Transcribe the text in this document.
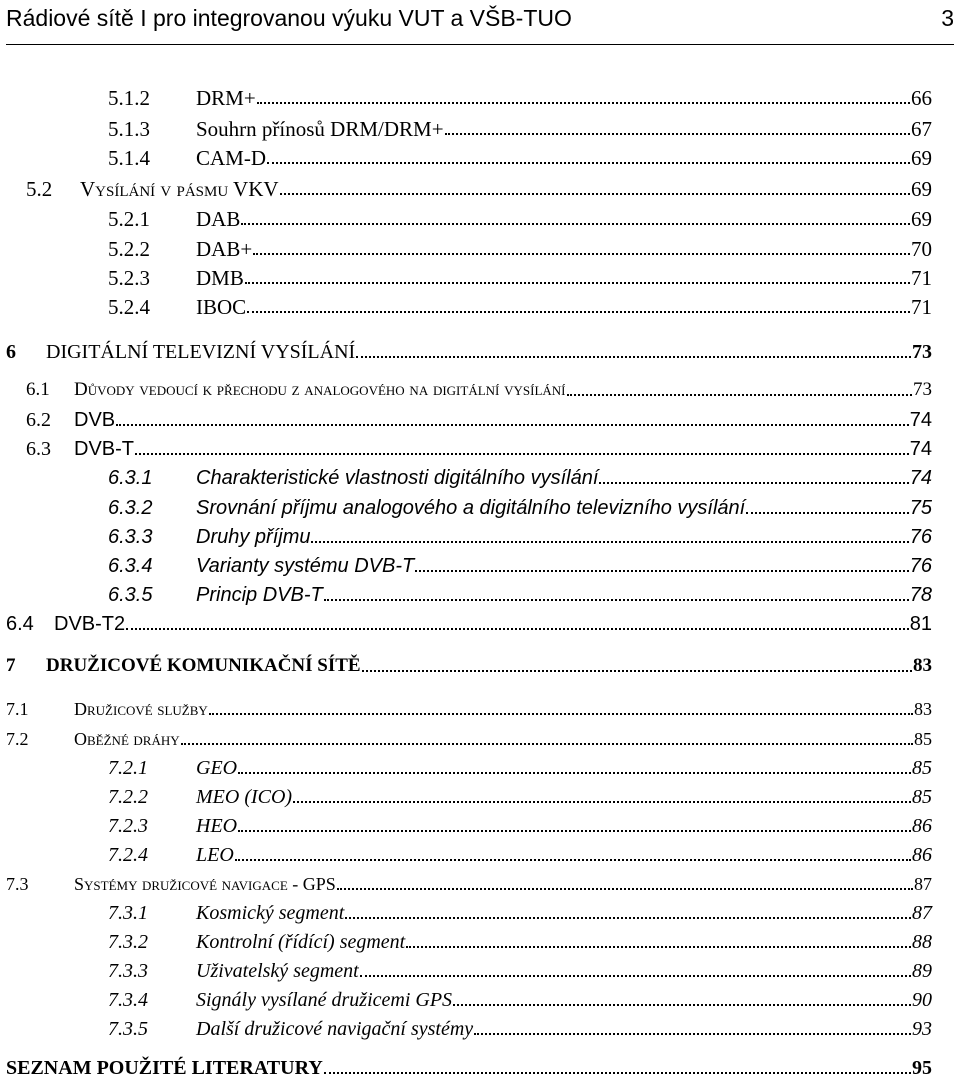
Rádiové sítě I pro integrovanou výuku VUT a VŠB-TUO	3
5.1.2	DRM+	66
5.1.3	Souhrn přínosů DRM/DRM+	67
5.1.4	CAM-D	69
5.2	Vysílání v pásmu VKV	69
5.2.1	DAB	69
5.2.2	DAB+	70
5.2.3	DMB	71
5.2.4	IBOC	71
6	DIGITÁLNÍ TELEVIZNÍ VYSÍLÁNÍ	73
6.1	Důvody vedoucí k přechodu z analogového na digitální vysílání	73
6.2	DVB	74
6.3	DVB-T	74
6.3.1	Charakteristické vlastnosti digitálního vysílání	74
6.3.2	Srovnání příjmu analogového a digitálního televizního vysílání	75
6.3.3	Druhy příjmu	76
6.3.4	Varianty systému DVB-T	76
6.3.5	Princip DVB-T	78
6.4	DVB-T2	81
7	DRUŽICOVÉ KOMUNIKAČNÍ SÍTĚ	83
7.1	Družicové služby	83
7.2	Oběžné dráhy	85
7.2.1	GEO	85
7.2.2	MEO (ICO)	85
7.2.3	HEO	86
7.2.4	LEO	86
7.3	Systémy družicové navigace - GPS	87
7.3.1	Kosmický segment	87
7.3.2	Kontrolní (řídící) segment	88
7.3.3	Uživatelský segment	89
7.3.4	Signály vysílané družicemi GPS	90
7.3.5	Další družicové navigační systémy	93
SEZNAM POUŽITÉ LITERATURY	95
